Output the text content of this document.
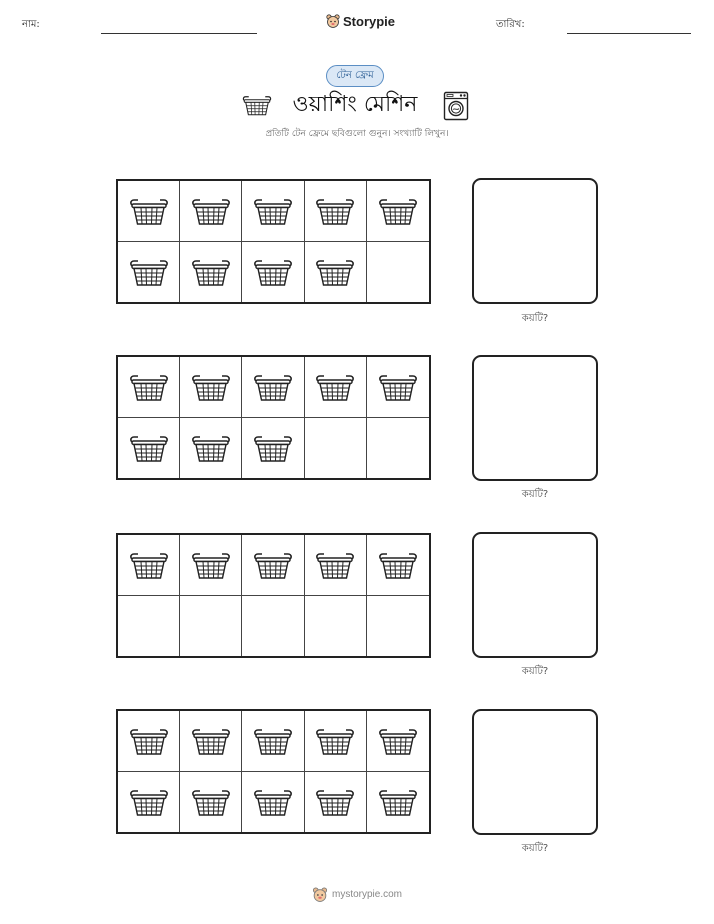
নাম:	Storypie	তারিখ:
টেন ফ্রেম
ওয়াশিং মেশিন
প্রতিটি টেন ফ্রেমে ছবিগুলো গুনুন। সংখ্যাটি লিখুন।
কয়টি?
কয়টি?
কয়টি?
কয়টি?
mystorypie.com
